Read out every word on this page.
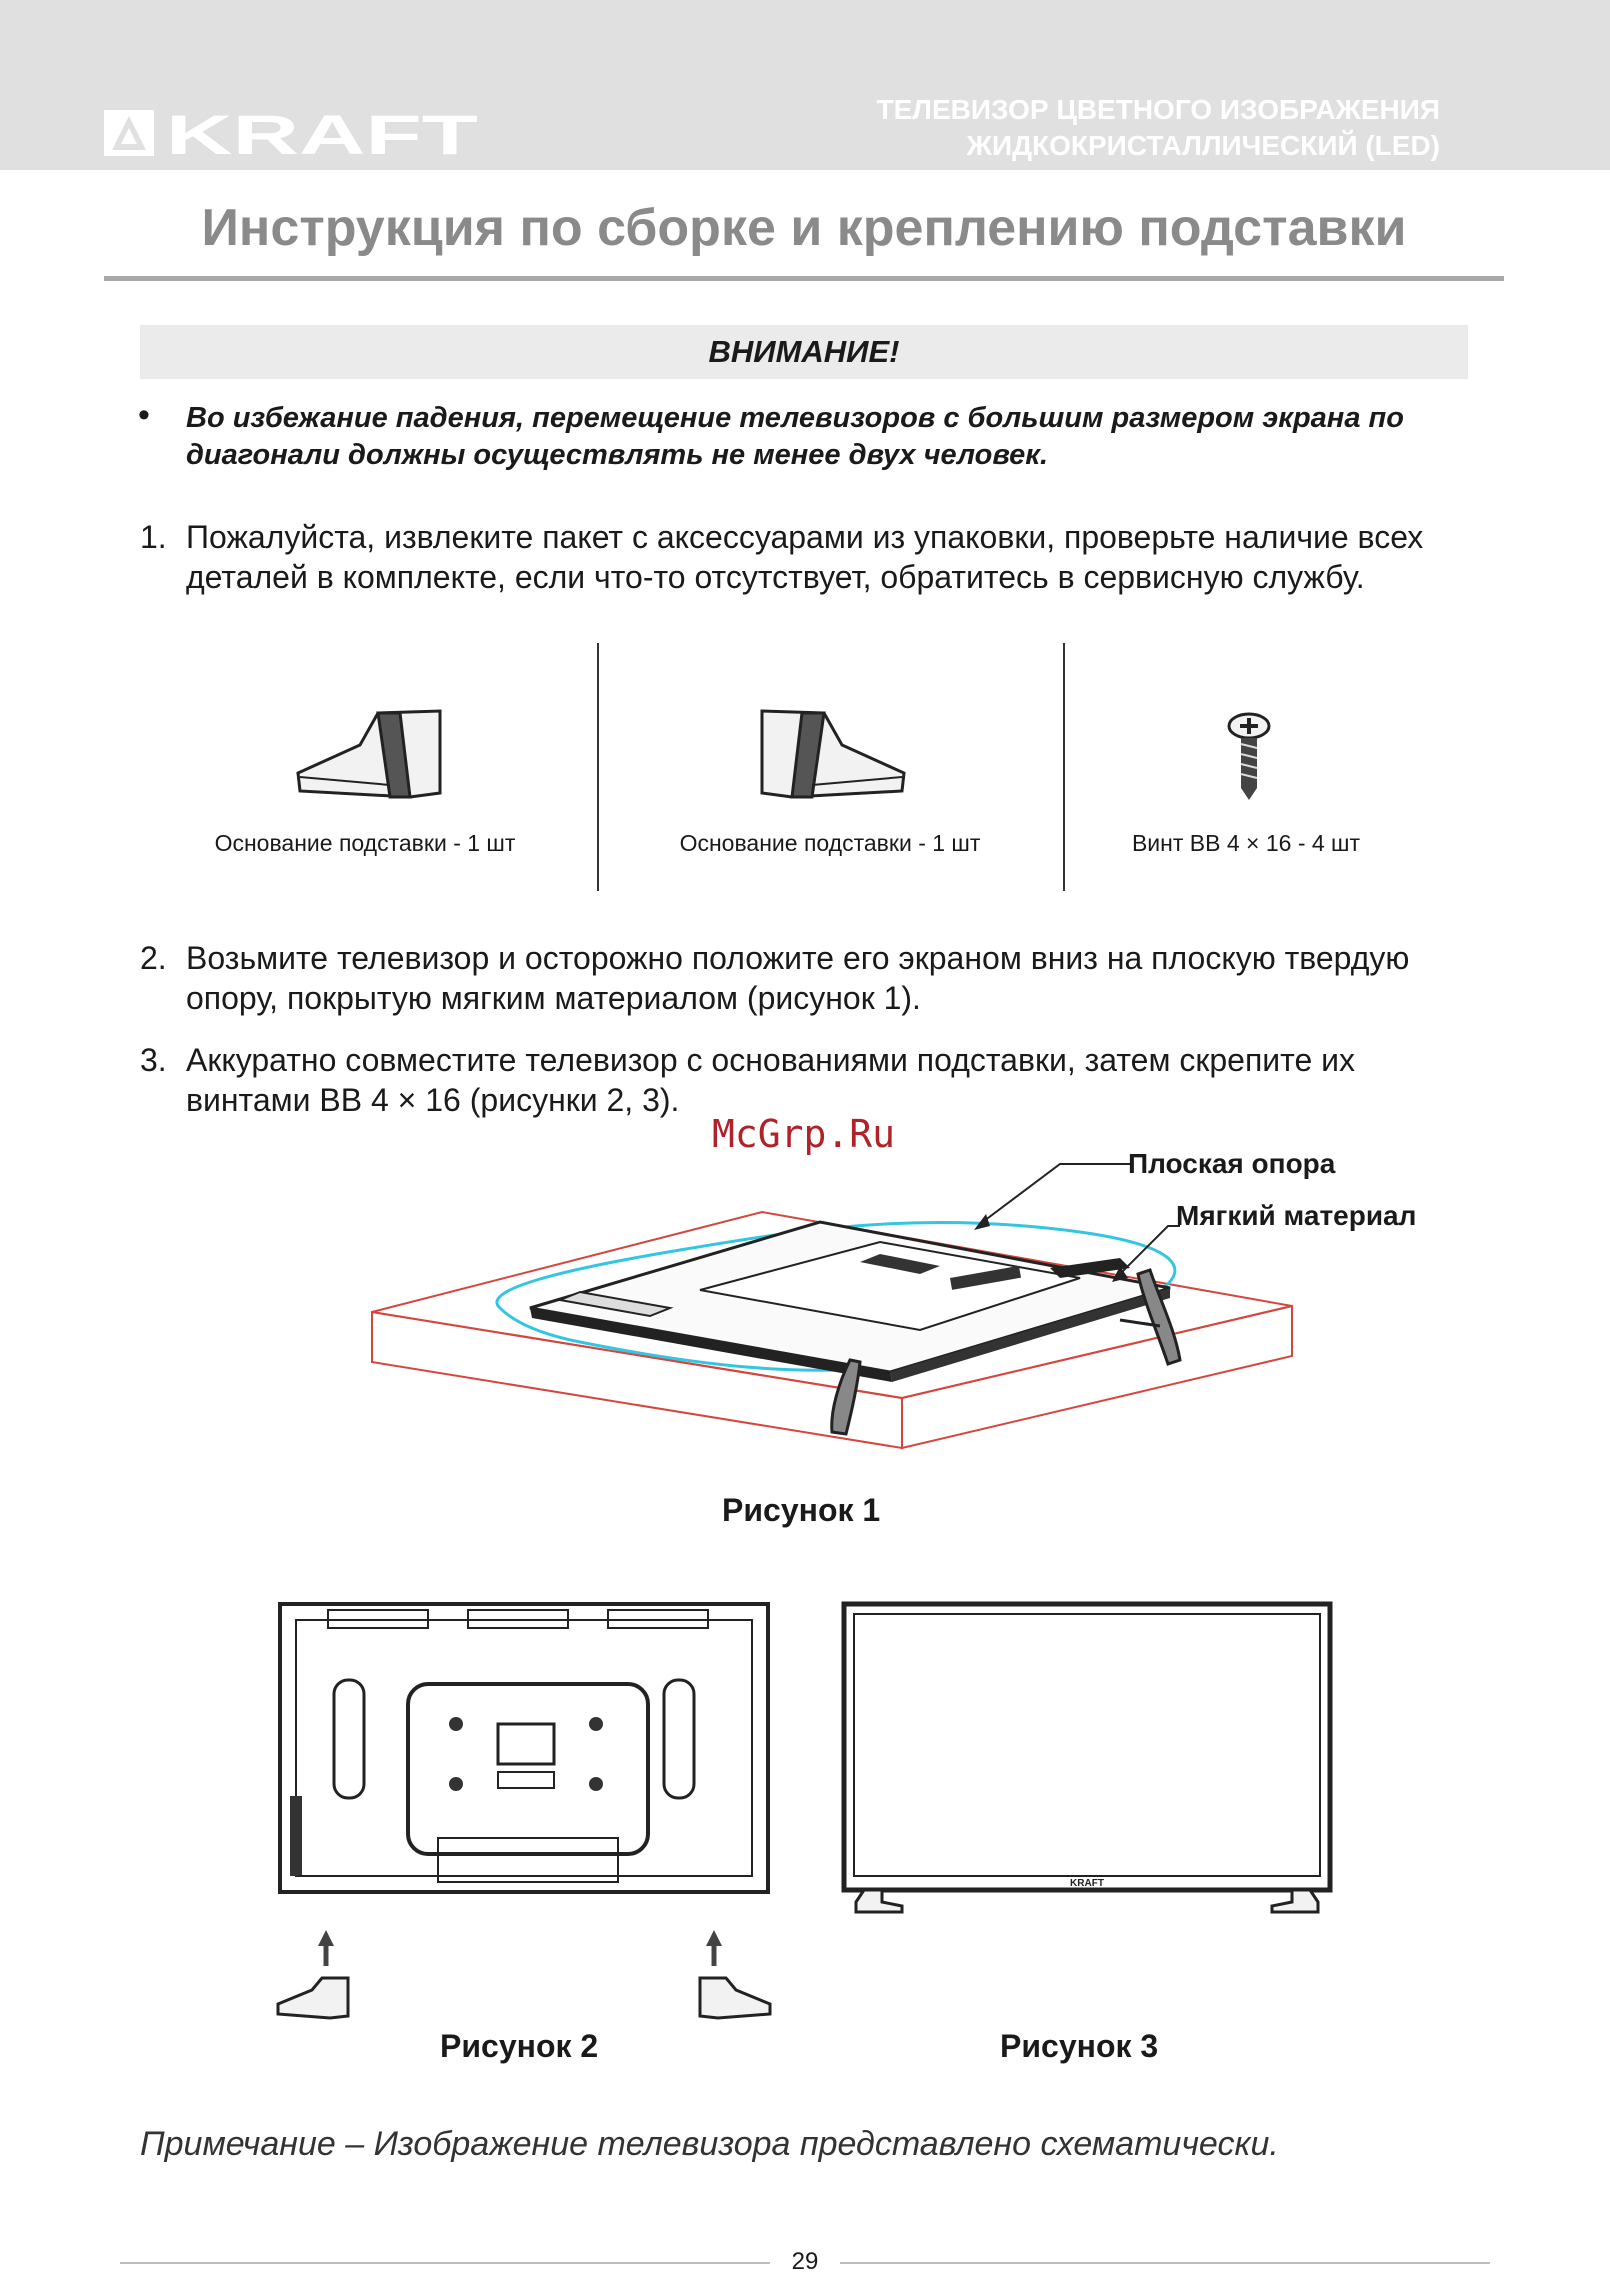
KRAFT	ТЕЛЕВИЗОР ЦВЕТНОГО ИЗОБРАЖЕНИЯ
ЖИДКОКРИСТАЛЛИЧЕСКИЙ (LED)
Инструкция по сборке и креплению подставки
ВНИМАНИЕ!
• Во избежание падения, перемещение телевизоров с большим размером экрана по диагонали должны осуществлять не менее двух человек.
1. Пожалуйста, извлеките пакет с аксессуарами из упаковки, проверьте наличие всех деталей в комплекте, если что-то отсутствует, обратитесь в сервисную службу.
Основание подставки - 1 шт	Основание подставки - 1 шт	Винт ВВ 4 × 16 - 4 шт
2. Возьмите телевизор и осторожно положите его экраном вниз на плоскую твердую опору, покрытую мягким материалом (рисунок 1).
3. Аккуратно совместите телевизор с основаниями подставки, затем скрепите их винтами ВВ 4 × 16 (рисунки 2, 3).
McGrp.Ru
Плоская опора
Мягкий материал
Рисунок 1
Рисунок 2
KRAFT
Рисунок 3
Примечание – Изображение телевизора представлено схематически.
29
